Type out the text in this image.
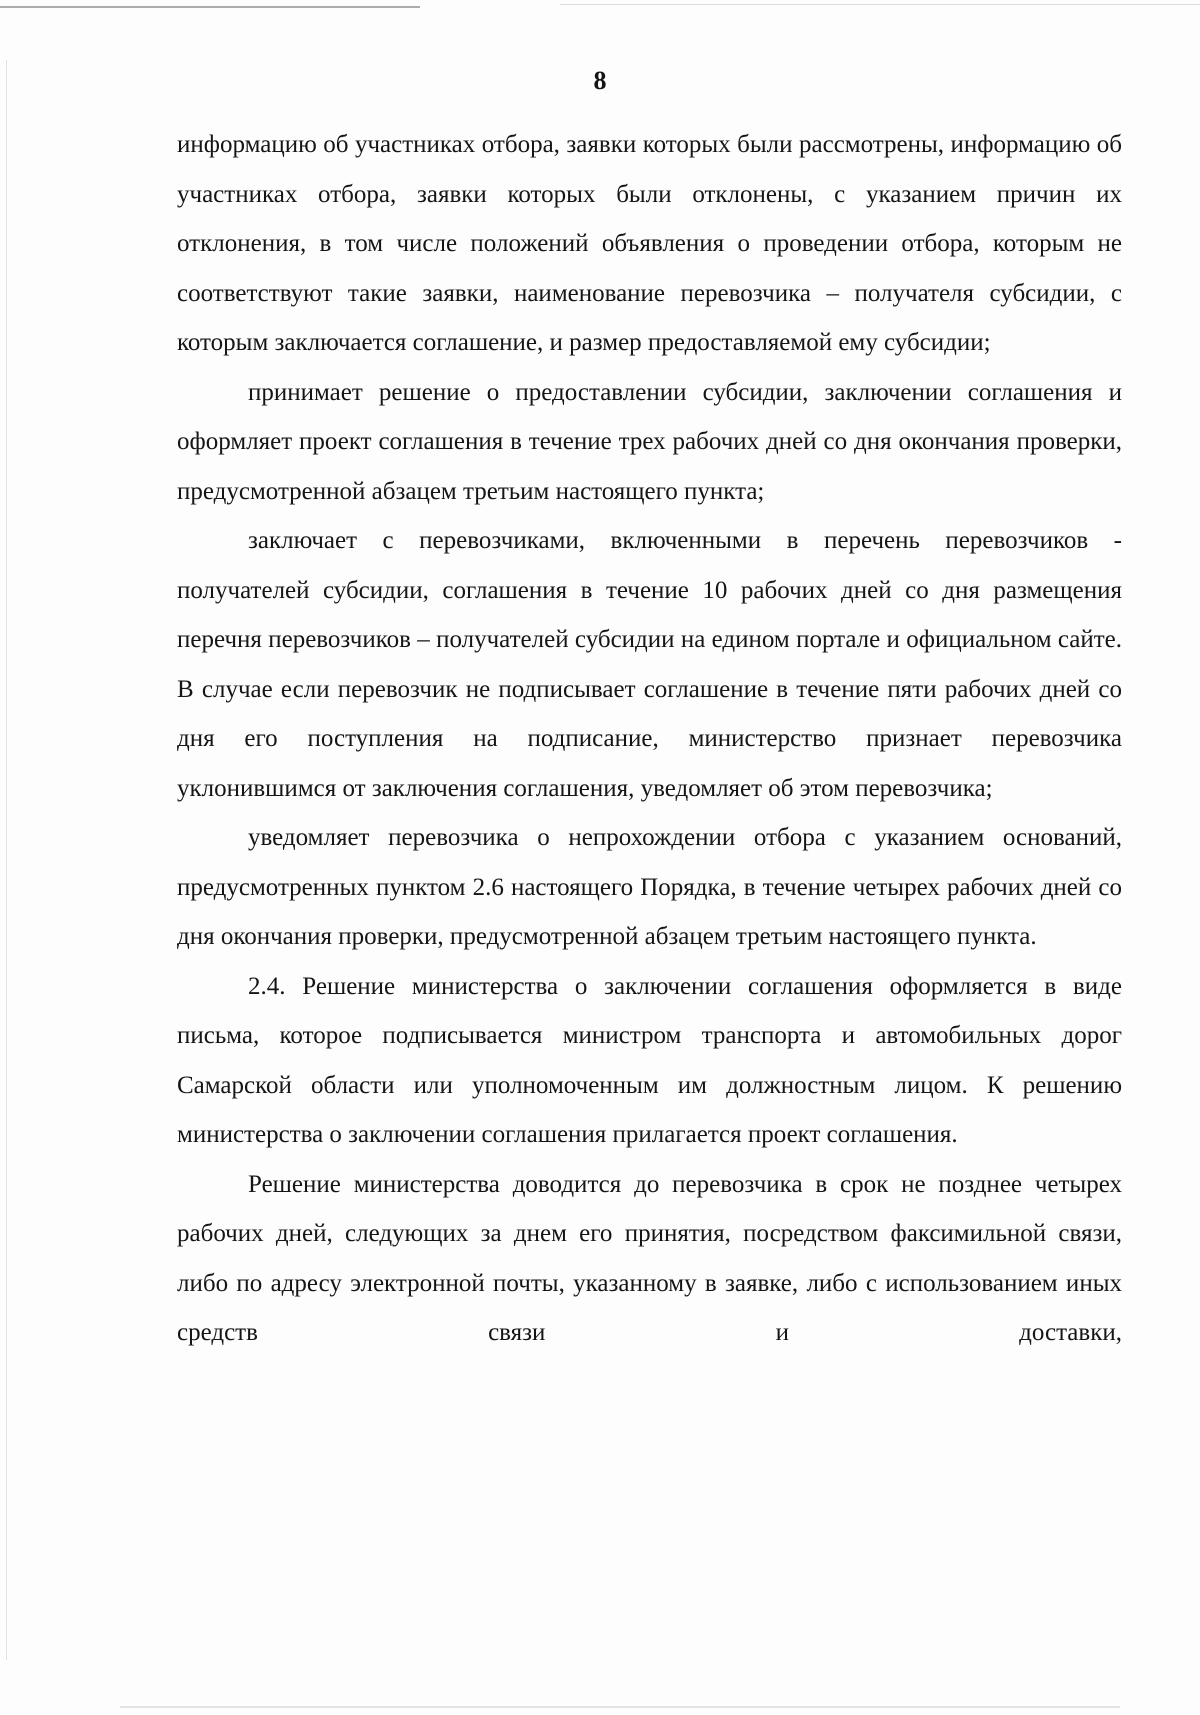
8

информацию об участниках отбора, заявки которых были рассмотрены, информацию об участниках отбора, заявки которых были отклонены, с указанием причин их отклонения, в том числе положений объявления о проведении отбора, которым не соответствуют такие заявки, наименование перевозчика – получателя субсидии, с которым заключается соглашение, и размер предоставляемой ему субсидии;

принимает решение о предоставлении субсидии, заключении соглашения и оформляет проект соглашения в течение трех рабочих дней со дня окончания проверки, предусмотренной абзацем третьим настоящего пункта;

заключает с перевозчиками, включенными в перечень перевозчиков - получателей субсидии, соглашения в течение 10 рабочих дней со дня размещения перечня перевозчиков – получателей субсидии на едином портале и официальном сайте. В случае если перевозчик не подписывает соглашение в течение пяти рабочих дней со дня его поступления на подписание, министерство признает перевозчика уклонившимся от заключения соглашения, уведомляет об этом перевозчика;

уведомляет перевозчика о непрохождении отбора с указанием оснований, предусмотренных пунктом 2.6 настоящего Порядка, в течение четырех рабочих дней со дня окончания проверки, предусмотренной абзацем третьим настоящего пункта.

2.4. Решение министерства о заключении соглашения оформляется в виде письма, которое подписывается министром транспорта и автомобильных дорог Самарской области или уполномоченным им должностным лицом. К решению министерства о заключении соглашения прилагается проект соглашения.

Решение министерства доводится до перевозчика в срок не позднее четырех рабочих дней, следующих за днем его принятия, посредством факсимильной связи, либо по адресу электронной почты, указанному в заявке, либо с использованием иных средств связи и доставки,
